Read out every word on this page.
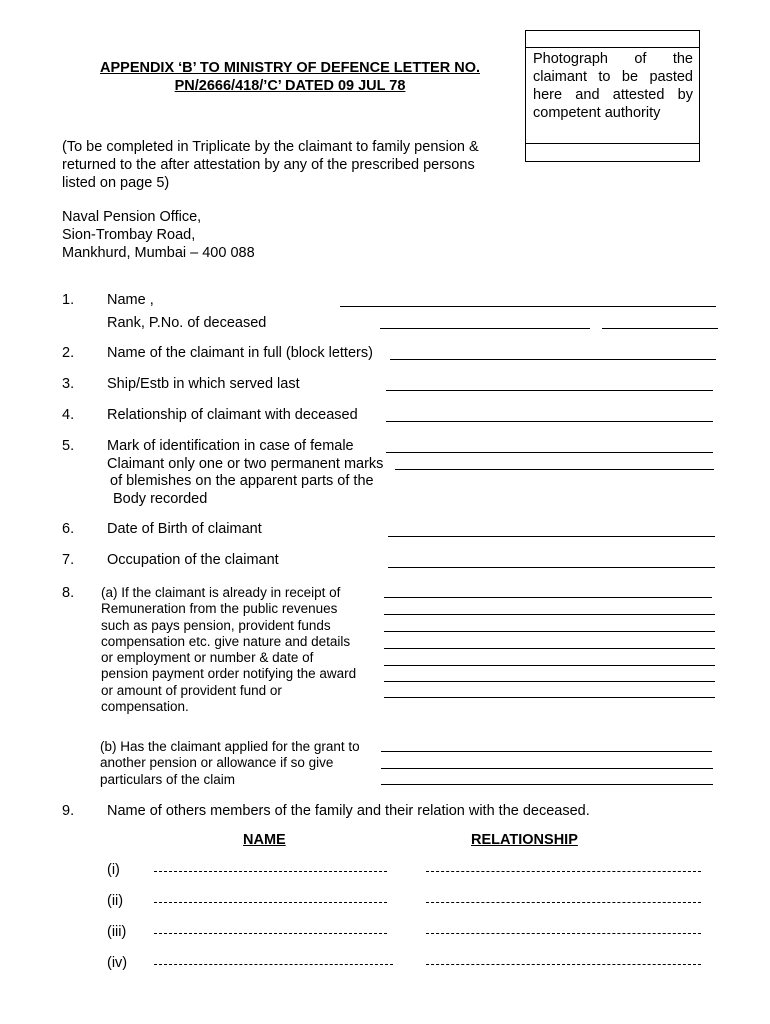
Photograph of the claimant to be pasted here and attested by competent authority
APPENDIX ‘B’ TO MINISTRY OF DEFENCE LETTER NO.
PN/2666/418/’C’ DATED 09 JUL 78
(To be completed in Triplicate by the claimant to family pension & returned to the after attestation by any of the prescribed persons listed on page 5)
Naval Pension Office,
Sion-Trombay Road,
Mankhurd, Mumbai – 400 088
1. Name ,
Rank, P.No. of deceased
2. Name of the claimant in full (block letters)
3. Ship/Estb in which served last
4. Relationship of claimant with deceased
5. Mark of identification in case of female
Claimant only one or two permanent marks
of blemishes on the apparent parts of the
Body recorded
6. Date of Birth of claimant
7. Occupation of the claimant
8. (a) If the claimant is already in receipt of Remuneration from the public revenues such as pays pension, provident funds compensation etc. give nature and details or employment or number & date of pension payment order notifying the award or amount of provident fund or compensation.
(b) Has the claimant applied for the grant to another pension or allowance if so give particulars of the claim
9. Name of others members of the family and their relation with the deceased.
NAME	RELATIONSHIP
(i)
(ii)
(iii)
(iv)
